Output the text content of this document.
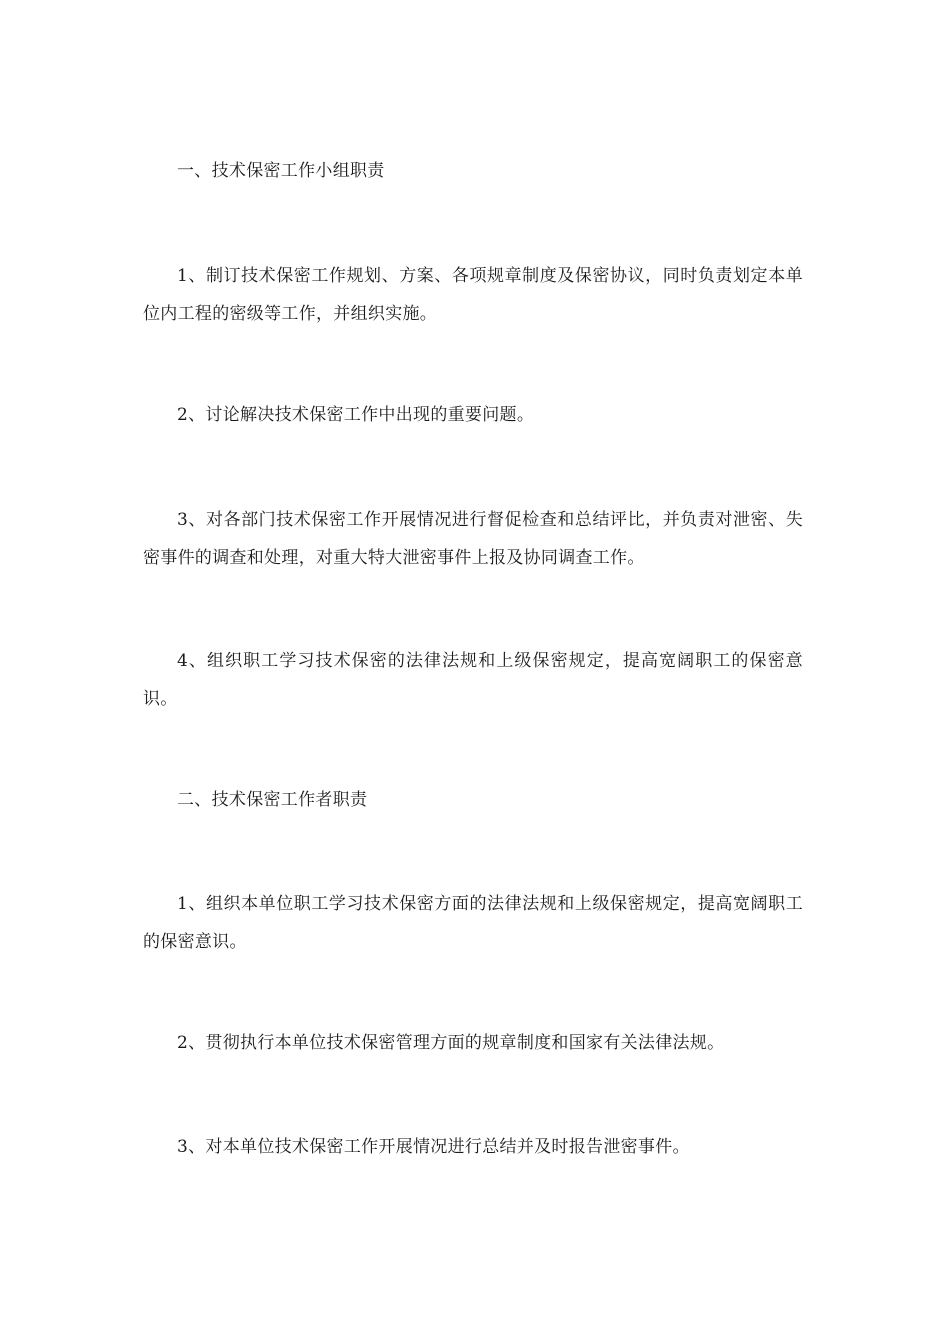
一、技术保密工作小组职责

1、制订技术保密工作规划、方案、各项规章制度及保密协议，同时负责划定本单位内工程的密级等工作，并组织实施。

2、讨论解决技术保密工作中出现的重要问题。

3、对各部门技术保密工作开展情况进行督促检查和总结评比，并负责对泄密、失密事件的调查和处理，对重大特大泄密事件上报及协同调查工作。

4、组织职工学习技术保密的法律法规和上级保密规定，提高宽阔职工的保密意识。

二、技术保密工作者职责

1、组织本单位职工学习技术保密方面的法律法规和上级保密规定，提高宽阔职工的保密意识。

2、贯彻执行本单位技术保密管理方面的规章制度和国家有关法律法规。

3、对本单位技术保密工作开展情况进行总结并及时报告泄密事件。
